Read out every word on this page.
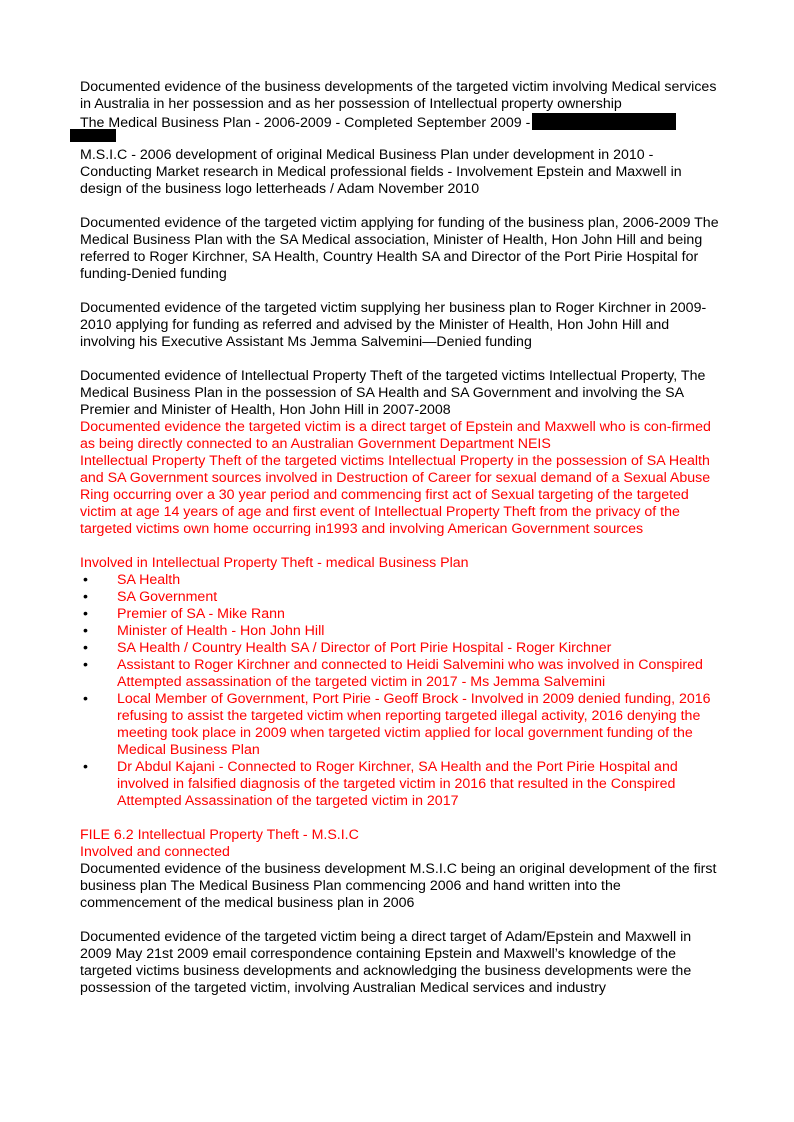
Documented evidence of the business developments of the targeted victim involving Medical services in Australia in her possession and as her possession of Intellectual property ownership
The Medical Business Plan - 2006-2009 - Completed September 2009 -

M.S.I.C - 2006 development of original Medical Business Plan under development in 2010 - Conducting Market research in Medical professional fields - Involvement Epstein and Maxwell in design of the business logo letterheads / Adam November 2010

Documented evidence of the targeted victim applying for funding of the business plan, 2006-2009 The Medical Business Plan with the SA Medical association, Minister of Health, Hon John Hill and being referred to Roger Kirchner, SA Health, Country Health SA and Director of the Port Pirie Hospital for funding-Denied funding

Documented evidence of the targeted victim supplying her business plan to Roger Kirchner in 2009-2010 applying for funding as referred and advised by the Minister of Health, Hon John Hill and involving his Executive Assistant Ms Jemma Salvemini—Denied funding

Documented evidence of Intellectual Property Theft of the targeted victims Intellectual Property, The Medical Business Plan in the possession of SA Health and SA Government and involving the SA Premier and Minister of Health, Hon John Hill in 2007-2008

Documented evidence the targeted victim is a direct target of Epstein and Maxwell who is con-firmed as being directly connected to an Australian Government Department NEIS

Intellectual Property Theft of the targeted victims Intellectual Property in the possession of SA Health and SA Government sources involved in Destruction of Career for sexual demand of a Sexual Abuse Ring occurring over a 30 year period and commencing first act of Sexual targeting of the targeted victim at age 14 years of age and first event of Intellectual Property Theft from the privacy of the targeted victims own home occurring in1993 and involving American Government sources

Involved in Intellectual Property Theft - medical Business Plan

• SA Health
• SA Government
• Premier of SA - Mike Rann
• Minister of Health - Hon John Hill
• SA Health / Country Health SA / Director of Port Pirie Hospital - Roger Kirchner
• Assistant to Roger Kirchner and connected to Heidi Salvemini who was involved in Conspired Attempted assassination of the targeted victim in 2017 - Ms Jemma Salvemini
• Local Member of Government, Port Pirie - Geoff Brock - Involved in 2009 denied funding, 2016 refusing to assist the targeted victim when reporting targeted illegal activity, 2016 denying the meeting took place in 2009 when targeted victim applied for local government funding of the Medical Business Plan
• Dr Abdul Kajani - Connected to Roger Kirchner, SA Health and the Port Pirie Hospital and involved in falsified diagnosis of the targeted victim in 2016 that resulted in the Conspired Attempted Assassination of the targeted victim in 2017

FILE 6.2 Intellectual Property Theft - M.S.I.C

Involved and connected

Documented evidence of the business development M.S.I.C being an original development of the first business plan The Medical Business Plan commencing 2006 and hand written into the commencement of the medical business plan in 2006

Documented evidence of the targeted victim being a direct target of Adam/Epstein and Maxwell in 2009 May 21st 2009 email correspondence containing Epstein and Maxwell’s knowledge of the targeted victims business developments and acknowledging the business developments were the possession of the targeted victim, involving Australian Medical services and industry
